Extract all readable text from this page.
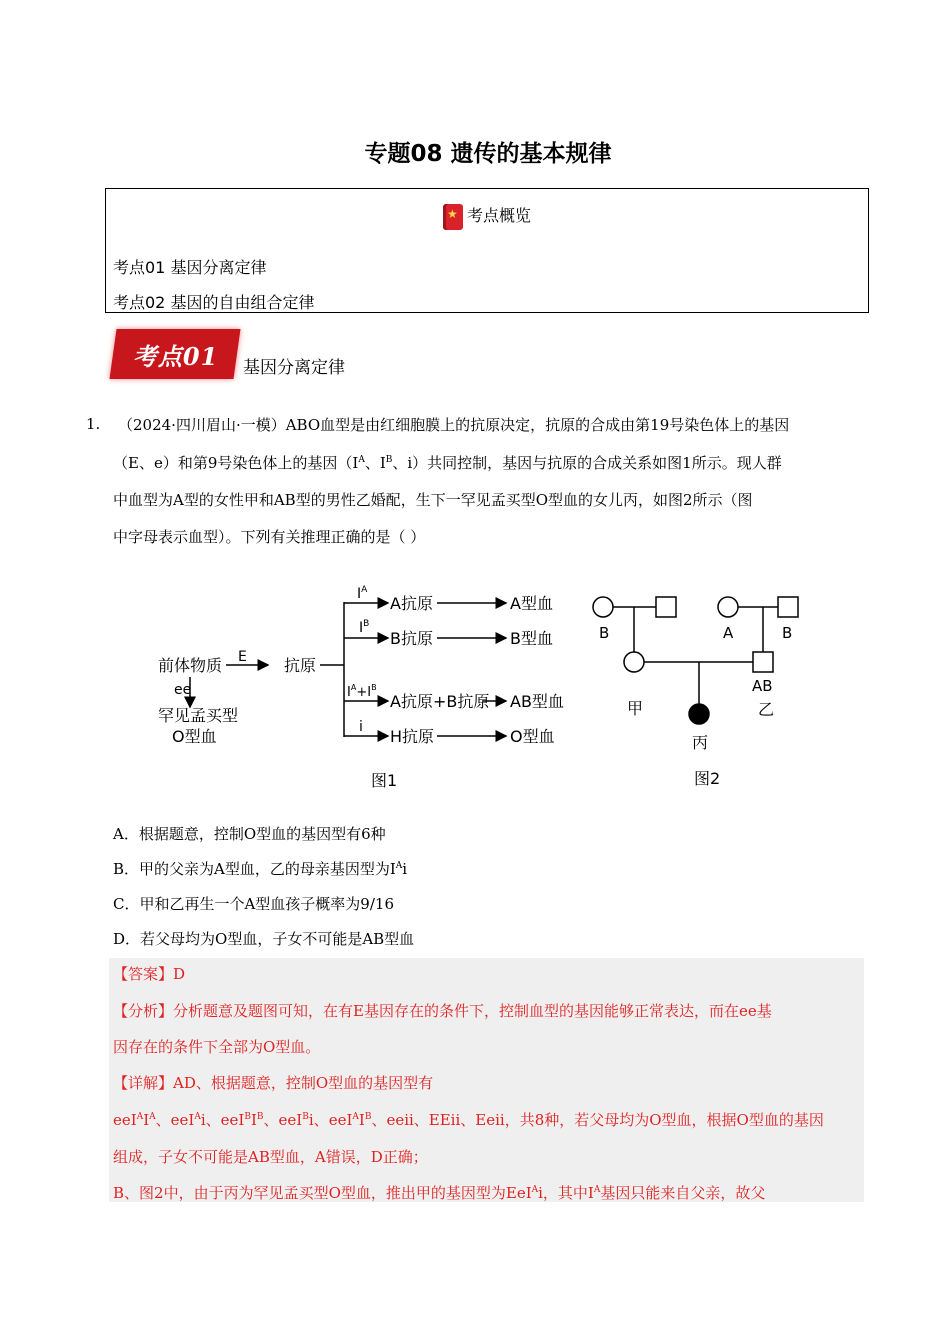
专题08 遗传的基本规律
★考点概览
考点01 基因分离定律
考点02 基因的自由组合定律
考点01 基因分离定律
1. （2024·四川眉山·一模）ABO血型是由红细胞膜上的抗原决定，抗原的合成由第19号染色体上的基因
（E、e）和第9号染色体上的基因（$I^A$、$I^B$、i）共同控制，基因与抗原的合成关系如图1所示。现人群
中血型为A型的女性甲和AB型的男性乙婚配，生下一罕见孟买型O型血的女儿丙，如图2所示（图
中字母表示血型）。下列有关推理正确的是（ ）
前体物质 E
ee
罕见孟买型
O型血
抗原
$I^A$
A抗原	A型血
$I^B$
B抗原	B型血
$I^A+I^B$
A抗原+B抗原 AB型血
i H抗原	O型血
图1
B	A	B
甲
AB
乙
丙
图2
A．根据题意，控制O型血的基因型有6种
B．甲的父亲为A型血，乙的母亲基因型为$I^Ai$
C．甲和乙再生一个A型血孩子概率为9/16
D．若父母均为O型血，子女不可能是AB型血
【答案】D
【分析】分析题意及题图可知，在有E基因存在的条件下，控制血型的基因能够正常表达，而在ee基
因存在的条件下全部为O型血。
【详解】AD、根据题意，控制O型血的基因型有
$eeI^AI^A$、eeI$^A$i、$eeI^BI^B$、eeI$^B$i、$eeI^AI^B$、eeii、EEii、Eeii，共8种，若父母均为O型血，根据O型血的基因
组成，子女不可能是AB型血，A错误，D正确；
B、图2中，由于丙为罕见孟买型O型血，推出甲的基因型为EeI$^A$i，其中$I^A$基因只能来自父亲，故父
